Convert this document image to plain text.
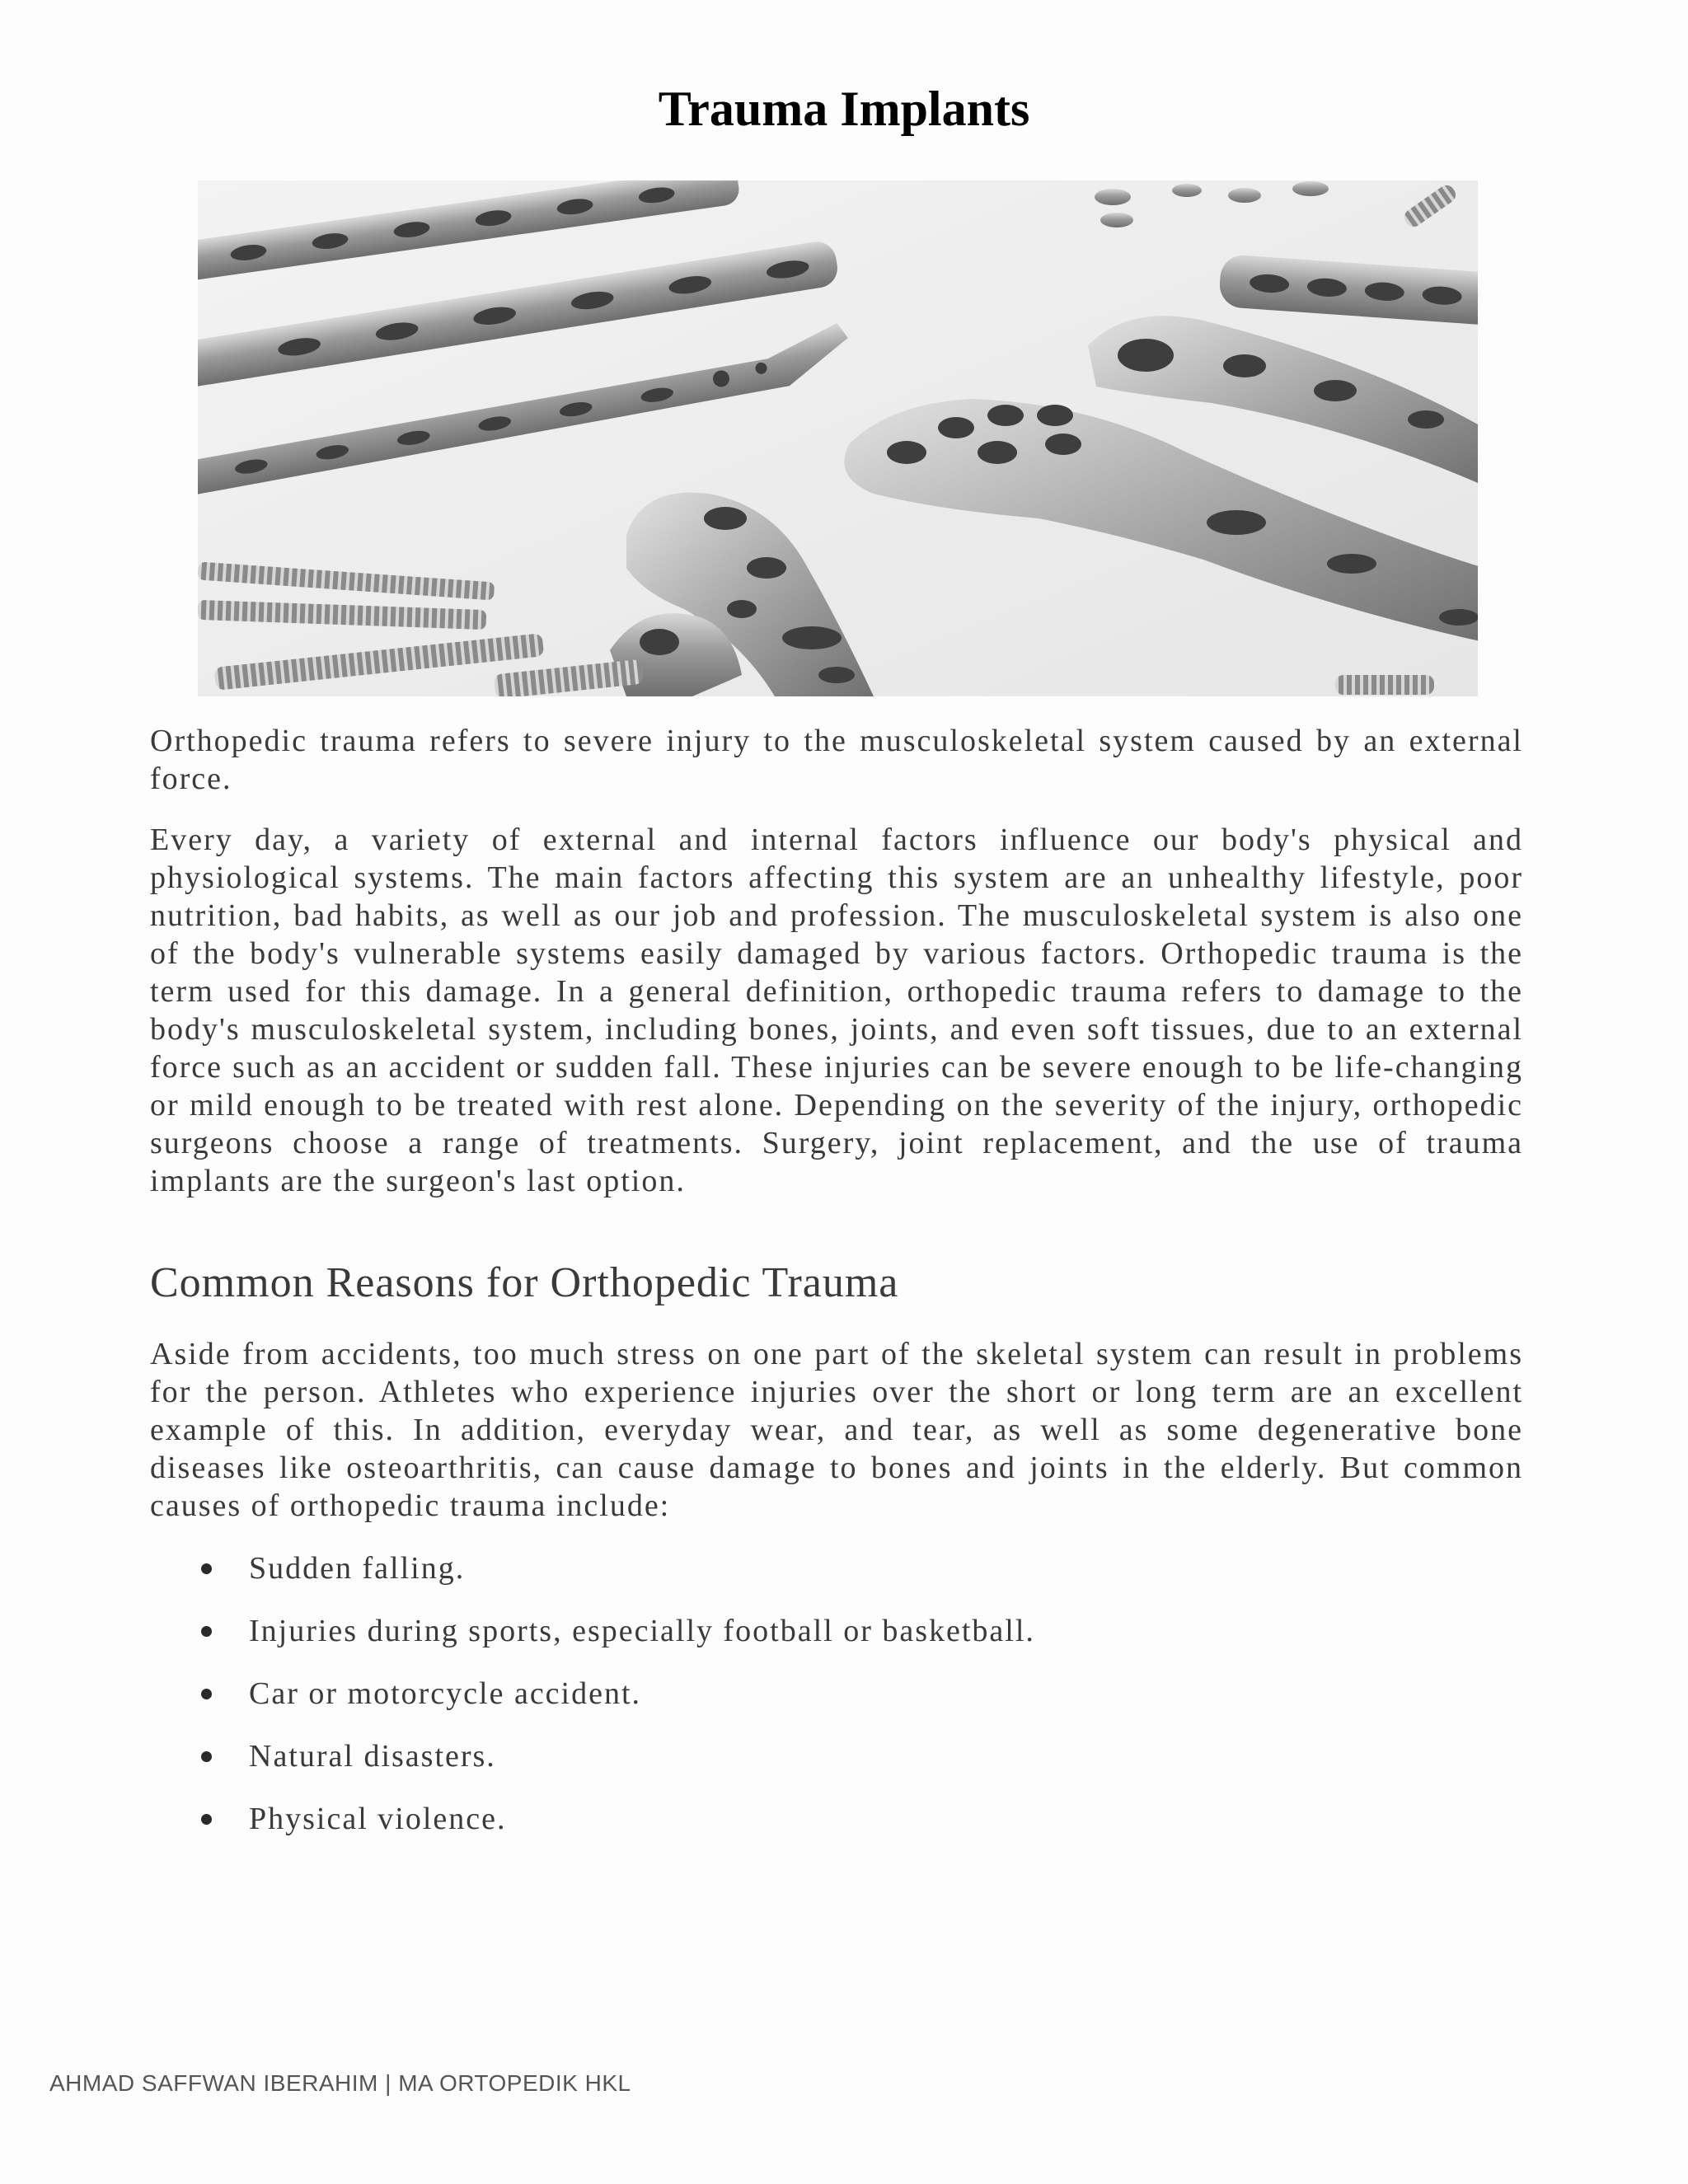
Trauma Implants

Orthopedic trauma refers to severe injury to the musculoskeletal system caused by an external force.

Every day, a variety of external and internal factors influence our body's physical and physiological systems. The main factors affecting this system are an unhealthy lifestyle, poor nutrition, bad habits, as well as our job and profession. The musculoskeletal system is also one of the body's vulnerable systems easily damaged by various factors. Orthopedic trauma is the term used for this damage. In a general definition, orthopedic trauma refers to damage to the body's musculoskeletal system, including bones, joints, and even soft tissues, due to an external force such as an accident or sudden fall. These injuries can be severe enough to be life-changing or mild enough to be treated with rest alone. Depending on the severity of the injury, orthopedic surgeons choose a range of treatments. Surgery, joint replacement, and the use of trauma implants are the surgeon's last option.

Common Reasons for Orthopedic Trauma

Aside from accidents, too much stress on one part of the skeletal system can result in problems for the person. Athletes who experience injuries over the short or long term are an excellent example of this. In addition, everyday wear, and tear, as well as some degenerative bone diseases like osteoarthritis, can cause damage to bones and joints in the elderly. But common causes of orthopedic trauma include:

Sudden falling.
Injuries during sports, especially football or basketball.
Car or motorcycle accident.
Natural disasters.
Physical violence.
AHMAD SAFFWAN IBERAHIM | MA ORTOPEDIK HKL
